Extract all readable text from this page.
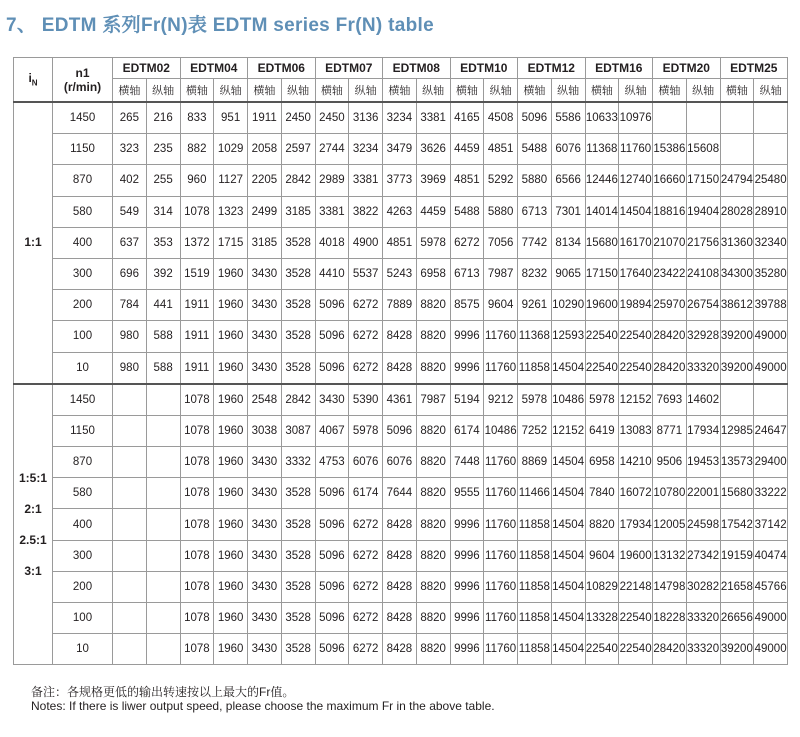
7、 EDTM 系列Fr(N)表 EDTM series Fr(N) table
$i_N$	n1
(r/min)	EDTM02		EDTM04		EDTM06		EDTM07		EDTM08		EDTM10		EDTM12		EDTM16		EDTM20		EDTM25	
		横轴	纵轴	横轴	纵轴	横轴	纵轴	横轴	纵轴	横轴	纵轴	横轴	纵轴	横轴	纵轴	横轴	纵轴	横轴	纵轴	横轴	纵轴

1:1	1450	265	216	833	951	1911	2450	2450	3136	3234	3381	4165	4508	5096	5586	10633	10976				
	1150	323	235	882	1029	2058	2597	2744	3234	3479	3626	4459	4851	5488	6076	11368	11760	15386	15608		
	870	402	255	960	1127	2205	2842	2989	3381	3773	3969	4851	5292	5880	6566	12446	12740	16660	17150	24794	25480
	580	549	314	1078	1323	2499	3185	3381	3822	4263	4459	5488	5880	6713	7301	14014	14504	18816	19404	28028	28910
	400	637	353	1372	1715	3185	3528	4018	4900	4851	5978	6272	7056	7742	8134	15680	16170	21070	21756	31360	32340
	300	696	392	1519	1960	3430	3528	4410	5537	5243	6958	6713	7987	8232	9065	17150	17640	23422	24108	34300	35280
	200	784	441	1911	1960	3430	3528	5096	6272	7889	8820	8575	9604	9261	10290	19600	19894	25970	26754	38612	39788
	100	980	588	1911	1960	3430	3528	5096	6272	8428	8820	9996	11760	11368	12593	22540	22540	28420	32928	39200	49000
	10	980	588	1911	1960	3430	3528	5096	6272	8428	8820	9996	11760	11858	14504	22540	22540	28420	33320	39200	49000

1:5:1
2:1
2.5:1
3:1	1450			1078	1960	2548	2842	3430	5390	4361	7987	5194	9212	5978	10486	5978	12152	7693	14602		
	1150			1078	1960	3038	3087	4067	5978	5096	8820	6174	10486	7252	12152	6419	13083	8771	17934	12985	24647
	870			1078	1960	3430	3332	4753	6076	6076	8820	7448	11760	8869	14504	6958	14210	9506	19453	13573	29400
	580			1078	1960	3430	3528	5096	6174	7644	8820	9555	11760	11466	14504	7840	16072	10780	22001	15680	33222
	400			1078	1960	3430	3528	5096	6272	8428	8820	9996	11760	11858	14504	8820	17934	12005	24598	17542	37142
	300			1078	1960	3430	3528	5096	6272	8428	8820	9996	11760	11858	14504	9604	19600	13132	27342	19159	40474
	200			1078	1960	3430	3528	5096	6272	8428	8820	9996	11760	11858	14504	10829	22148	14798	30282	21658	45766
	100			1078	1960	3430	3528	5096	6272	8428	8820	9996	11760	11858	14504	13328	22540	18228	33320	26656	49000
	10			1078	1960	3430	3528	5096	6272	8428	8820	9996	11760	11858	14504	22540	22540	28420	33320	39200	49000
备注：各规格更低的输出转速按以上最大的Fr值。
Notes: If there is liwer output speed, please choose the maximum Fr in the above table.
